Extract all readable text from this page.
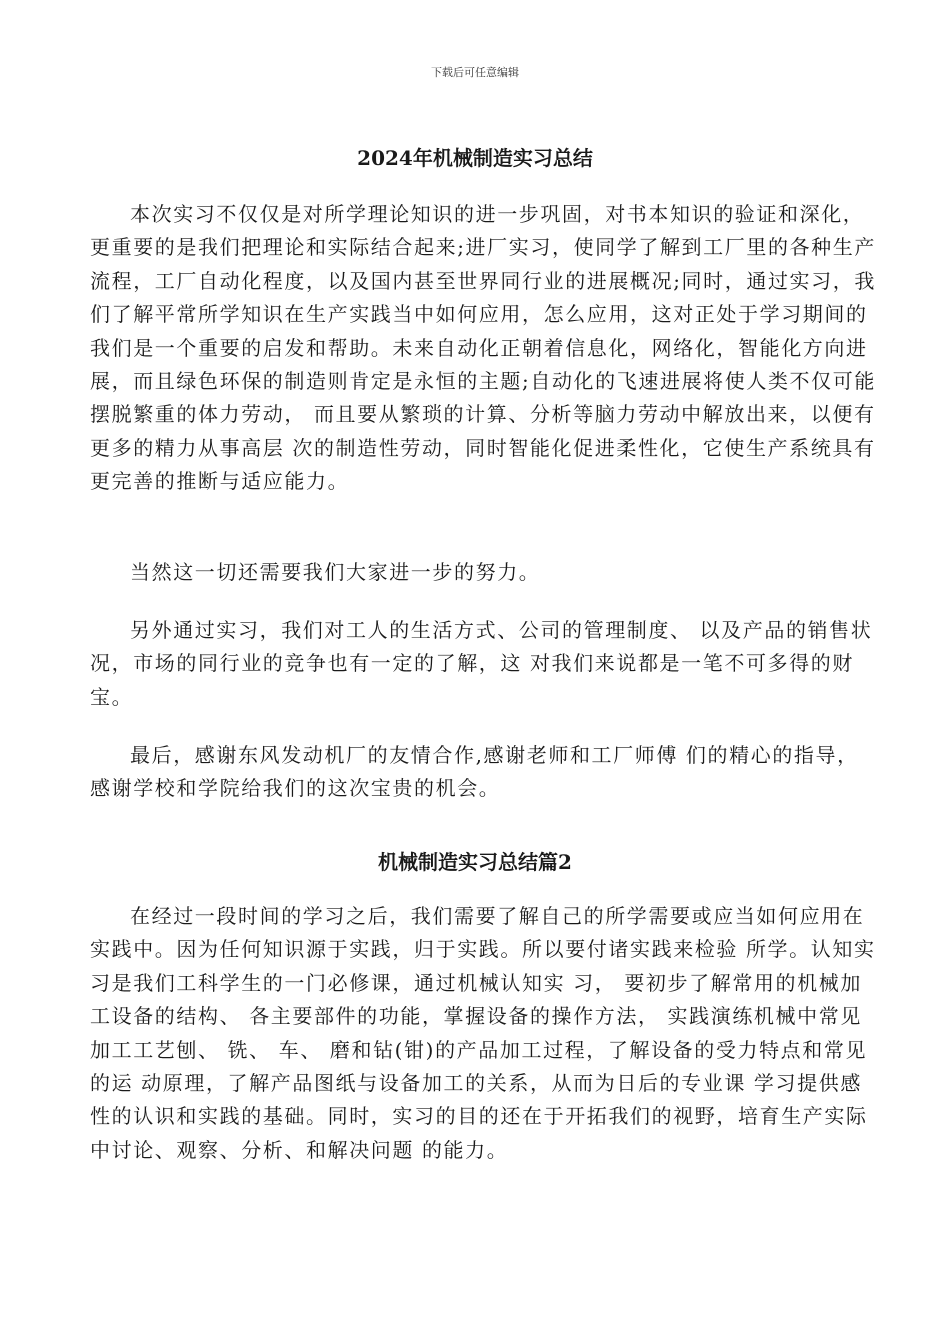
下载后可任意编辑
2024年机械制造实习总结

本次实习不仅仅是对所学理论知识的进一步巩固，对书本知识的验证和深化，更重要的是我们把理论和实际结合起来;进厂实习，使同学了解到工厂里的各种生产流程，工厂自动化程度，以及国内甚至世界同行业的进展概况;同时，通过实习，我们了解平常所学知识在生产实践当中如何应用，怎么应用，这对正处于学习期间的我们是一个重要的启发和帮助。未来自动化正朝着信息化，网络化，智能化方向进展，而且绿色环保的制造则肯定是永恒的主题;自动化的飞速进展将使人类不仅可能摆脱繁重的体力劳动， 而且要从繁琐的计算、分析等脑力劳动中解放出来，以便有更多的精力从事高层 次的制造性劳动，同时智能化促进柔性化，它使生产系统具有更完善的推断与适应能力。

当然这一切还需要我们大家进一步的努力。

另外通过实习，我们对工人的生活方式、公司的管理制度、 以及产品的销售状况，市场的同行业的竞争也有一定的了解，这 对我们来说都是一笔不可多得的财宝。

最后，感谢东风发动机厂的友情合作,感谢老师和工厂师傅 们的精心的指导，感谢学校和学院给我们的这次宝贵的机会。

机械制造实习总结篇2

在经过一段时间的学习之后，我们需要了解自己的所学需要或应当如何应用在实践中。因为任何知识源于实践，归于实践。所以要付诸实践来检验 所学。认知实习是我们工科学生的一门必修课，通过机械认知实 习， 要初步了解常用的机械加工设备的结构、 各主要部件的功能，掌握设备的操作方法， 实践演练机械中常见加工工艺刨、 铣、 车、 磨和钻(钳)的产品加工过程，了解设备的受力特点和常见的运 动原理，了解产品图纸与设备加工的关系，从而为日后的专业课 学习提供感性的认识和实践的基础。同时，实习的目的还在于开拓我们的视野，培育生产实际中讨论、观察、分析、和解决问题 的能力。
